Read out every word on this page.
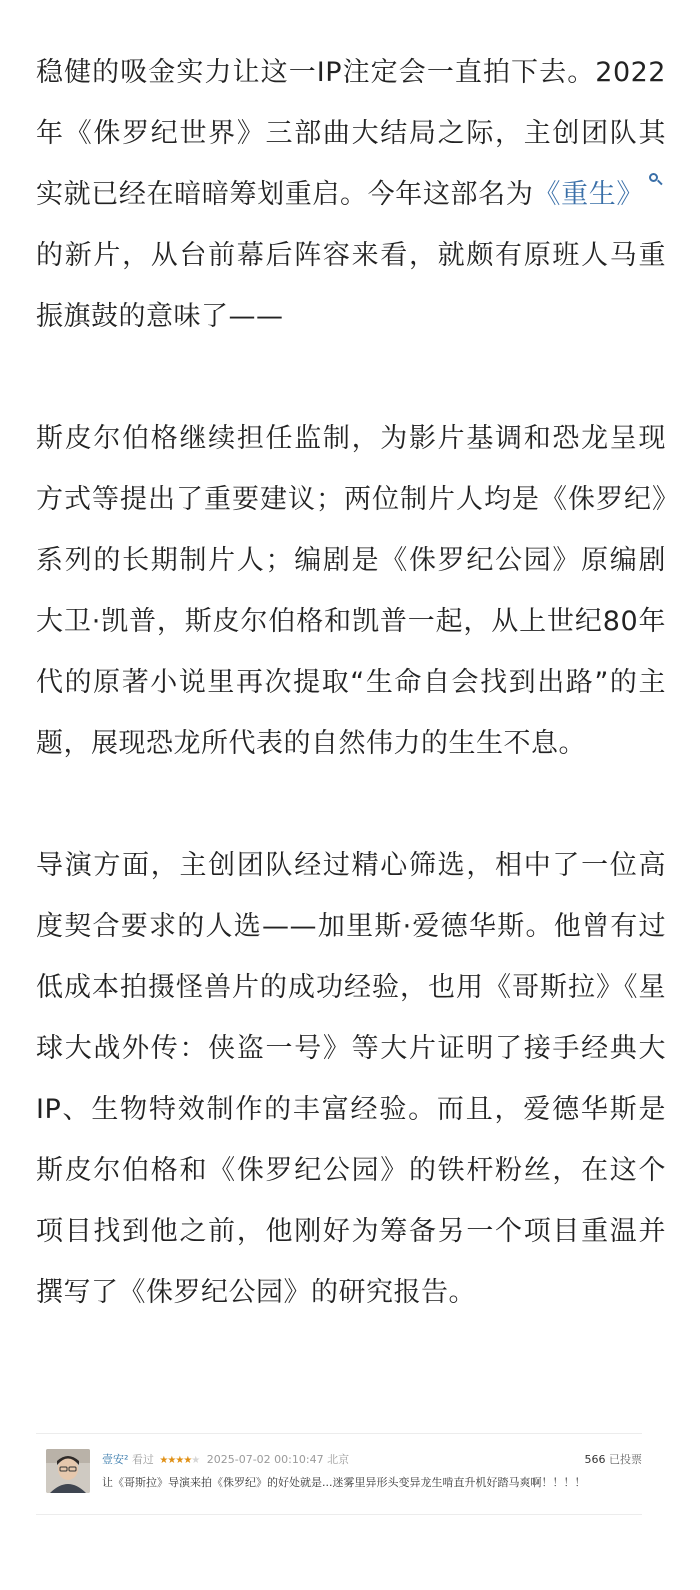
稳健的吸金实力让这一IP注定会一直拍下去。2022年《侏罗纪世界》三部曲大结局之际，主创团队其实就已经在暗暗筹划重启。今年这部名为《重生》
的新片，从台前幕后阵容来看，就颇有原班人马重振旗鼓的意味了——

斯皮尔伯格继续担任监制，为影片基调和恐龙呈现方式等提出了重要建议；两位制片人均是《侏罗纪》系列的长期制片人；编剧是《侏罗纪公园》原编剧大卫·凯普，斯皮尔伯格和凯普一起，从上世纪80年代的原著小说里再次提取“生命自会找到出路”的主题，展现恐龙所代表的自然伟力的生生不息。

导演方面，主创团队经过精心筛选，相中了一位高度契合要求的人选——加里斯·爱德华斯。他曾有过低成本拍摄怪兽片的成功经验，也用《哥斯拉》《星球大战外传：侠盗一号》等大片证明了接手经典大IP、生物特效制作的丰富经验。而且，爱德华斯是斯皮尔伯格和《侏罗纪公园》的铁杆粉丝，在这个项目找到他之前，他刚好为筹备另一个项目重温并撰写了《侏罗纪公园》的研究报告。

壹安² 看过 ★★★★★ 2025-07-02 00:10:47 北京	566 已投票
让《哥斯拉》导演来拍《侏罗纪》的好处就是...迷雾里异形头变异龙生啃直升机好踏马爽啊！！！！
